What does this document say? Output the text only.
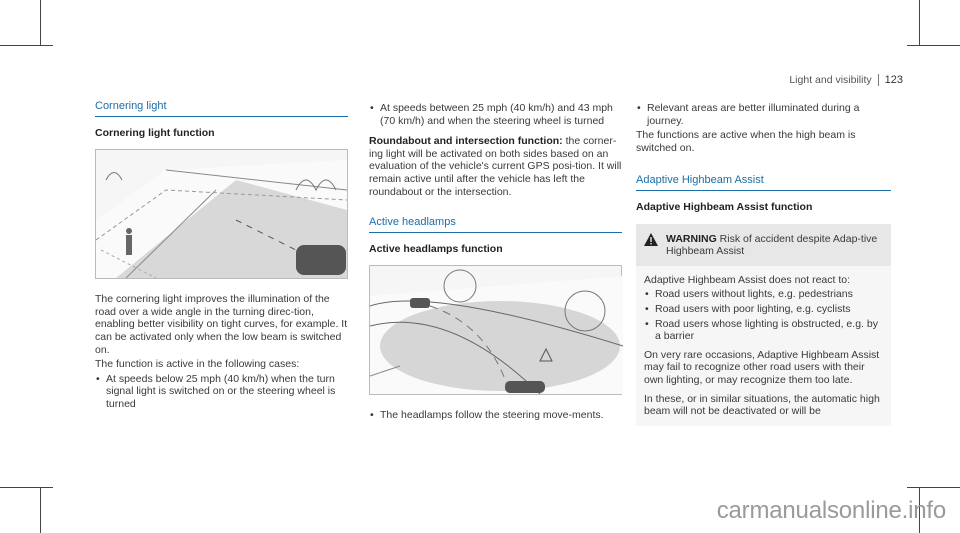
Light and visibility	123
Cornering light
Cornering light function

The cornering light improves the illumination of the road over a wide angle in the turning direc-tion, enabling better visibility on tight curves, for example. It can be activated only when the low beam is switched on.

The function is active in the following cases:

• At speeds below 25 mph (40 km/h) when the turn signal light is switched on or the steering wheel is turned
• At speeds between 25 mph (40 km/h) and 43 mph (70 km/h) and when the steering wheel is turned

Roundabout and intersection function: the corner-ing light will be activated on both sides based on an evaluation of the vehicle's current GPS posi-tion. It will remain active until after the vehicle has left the roundabout or the intersection.

Active headlamps
Active headlamps function
• The headlamps follow the steering move-ments.
• Relevant areas are better illuminated during a journey.

The functions are active when the high beam is switched on.

Adaptive Highbeam Assist
Adaptive Highbeam Assist function
WARNING Risk of accident despite Adap-tive Highbeam Assist

Adaptive Highbeam Assist does not react to:

• Road users without lights, e.g. pedestrians
• Road users with poor lighting, e.g. cyclists
• Road users whose lighting is obstructed, e.g. by a barrier

On very rare occasions, Adaptive Highbeam Assist may fail to recognize other road users with their own lighting, or may recognize them too late.

In these, or in similar situations, the automatic high beam will not be deactivated or will be

carmanualsonline.info
